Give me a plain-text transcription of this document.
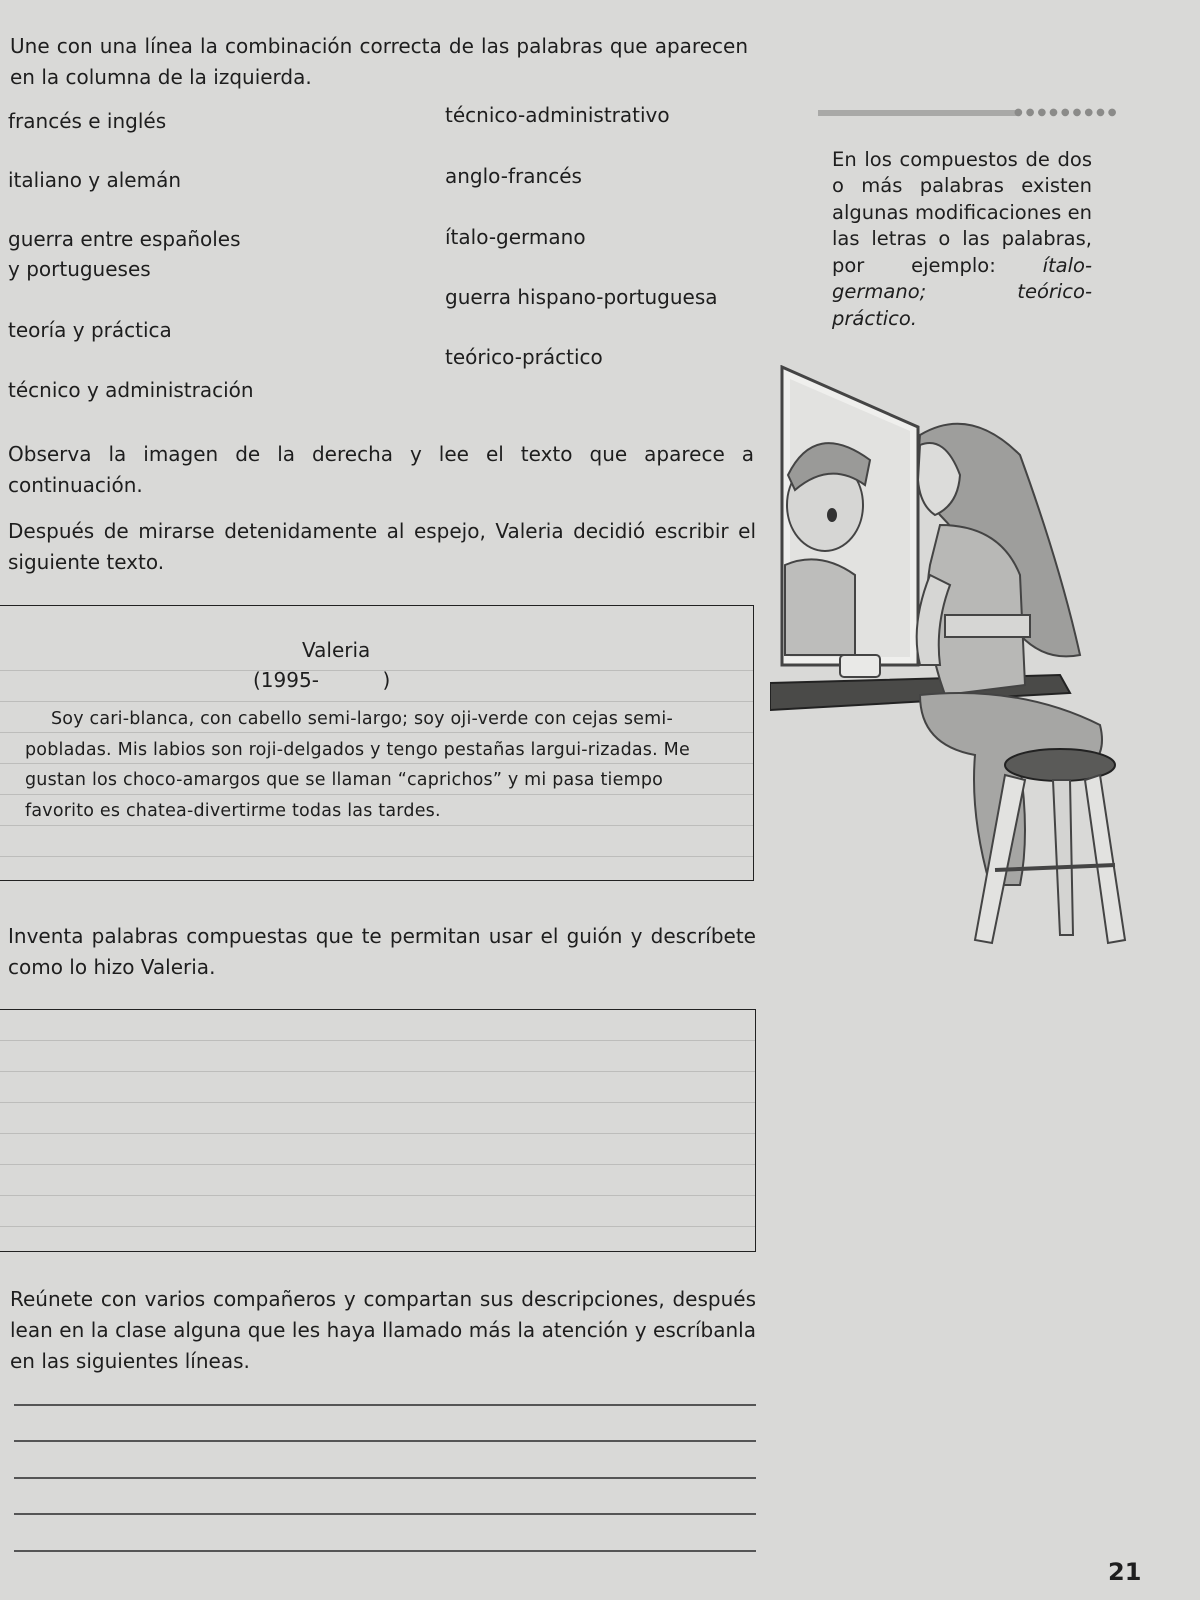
Une con una línea la combinación correcta de las palabras que aparecen en la columna de la izquierda.

francés e inglés
italiano y alemán
guerra entre españoles
y portugueses
teoría y práctica
técnico y administración
técnico-administrativo
anglo-francés
ítalo-germano
guerra hispano-portuguesa
teórico-práctico
●●●●●●●●●

En los compuestos de dos o más palabras existen algunas modificaciones en las letras o las palabras, por ejemplo: ítalo-germano; teórico-práctico.

Observa la imagen de la derecha y lee el texto que aparece a continuación.

Después de mirarse detenidamente al espejo, Valeria decidió escribir el siguiente texto.

Valeria
(1995-          )

Soy cari-blanca, con cabello semi-largo; soy oji-verde con cejas semi-pobladas. Mis labios son roji-delgados y tengo pestañas largui-rizadas. Me gustan los choco-amargos que se llaman “caprichos” y mi pasa tiempo favorito es chatea-divertirme todas las tardes.

Inventa palabras compuestas que te permitan usar el guión y descríbete como lo hizo Valeria.

Reúnete con varios compañeros y compartan sus descripciones, después lean en la clase alguna que les haya llamado más la atención y escríbanla en las siguientes líneas.

21
